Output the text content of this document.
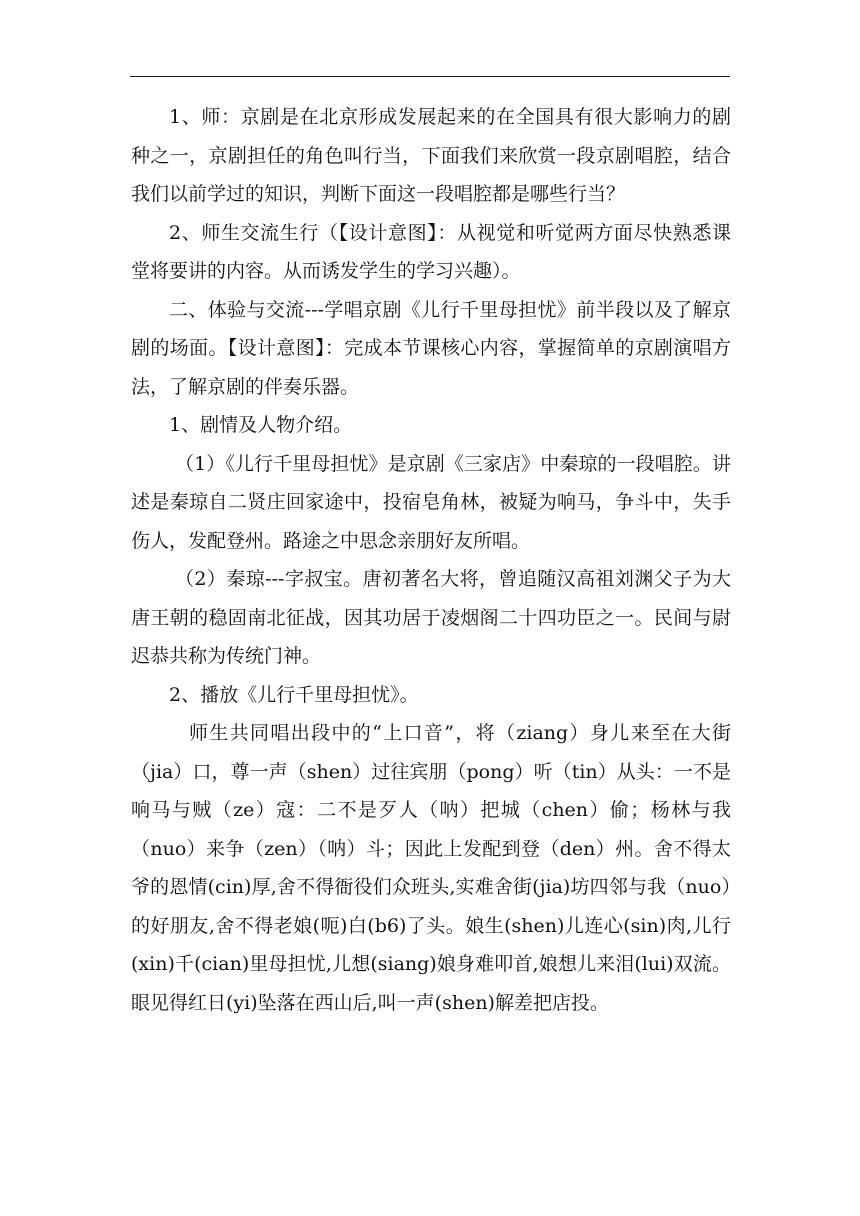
1、师：京剧是在北京形成发展起来的在全国具有很大影响力的剧种之一，京剧担任的角色叫行当，下面我们来欣赏一段京剧唱腔，结合我们以前学过的知识，判断下面这一段唱腔都是哪些行当？

2、师生交流生行（【设计意图】：从视觉和听觉两方面尽快熟悉课堂将要讲的内容。从而诱发学生的学习兴趣）。

二、体验与交流---学唱京剧《儿行千里母担忧》前半段以及了解京剧的场面。【设计意图】：完成本节课核心内容，掌握简单的京剧演唱方法，了解京剧的伴奏乐器。

1、剧情及人物介绍。

（1）《儿行千里母担忧》是京剧《三家店》中秦琼的一段唱腔。讲述是秦琼自二贤庄回家途中，投宿皂角林，被疑为响马，争斗中，失手伤人，发配登州。路途之中思念亲朋好友所唱。

（2）秦琼---字叔宝。唐初著名大将，曾追随汉高祖刘渊父子为大唐王朝的稳固南北征战，因其功居于凌烟阁二十四功臣之一。民间与尉迟恭共称为传统门神。

2、播放《儿行千里母担忧》。

师生共同唱出段中的“上口音”，将（ziang）身儿来至在大街（jia）口，尊一声（shen）过往宾朋（pong）听（tin）从头：一不是响马与贼（ze）寇：二不是歹人（呐）把城（chen）偷；杨林与我（nuo）来争（zen）（呐）斗；因此上发配到登（den）州。舍不得太爷的恩情(cin)厚,舍不得衙役们众班头,实难舍街(jia)坊四邻与我（nuo）的好朋友,舍不得老娘(呃)白(b6)了头。娘生(shen)儿连心(sin)肉,儿行(xin)千(cian)里母担忧,儿想(siang)娘身难叩首,娘想儿来泪(lui)双流。眼见得红日(yi)坠落在西山后,叫一声(shen)解差把店投。
